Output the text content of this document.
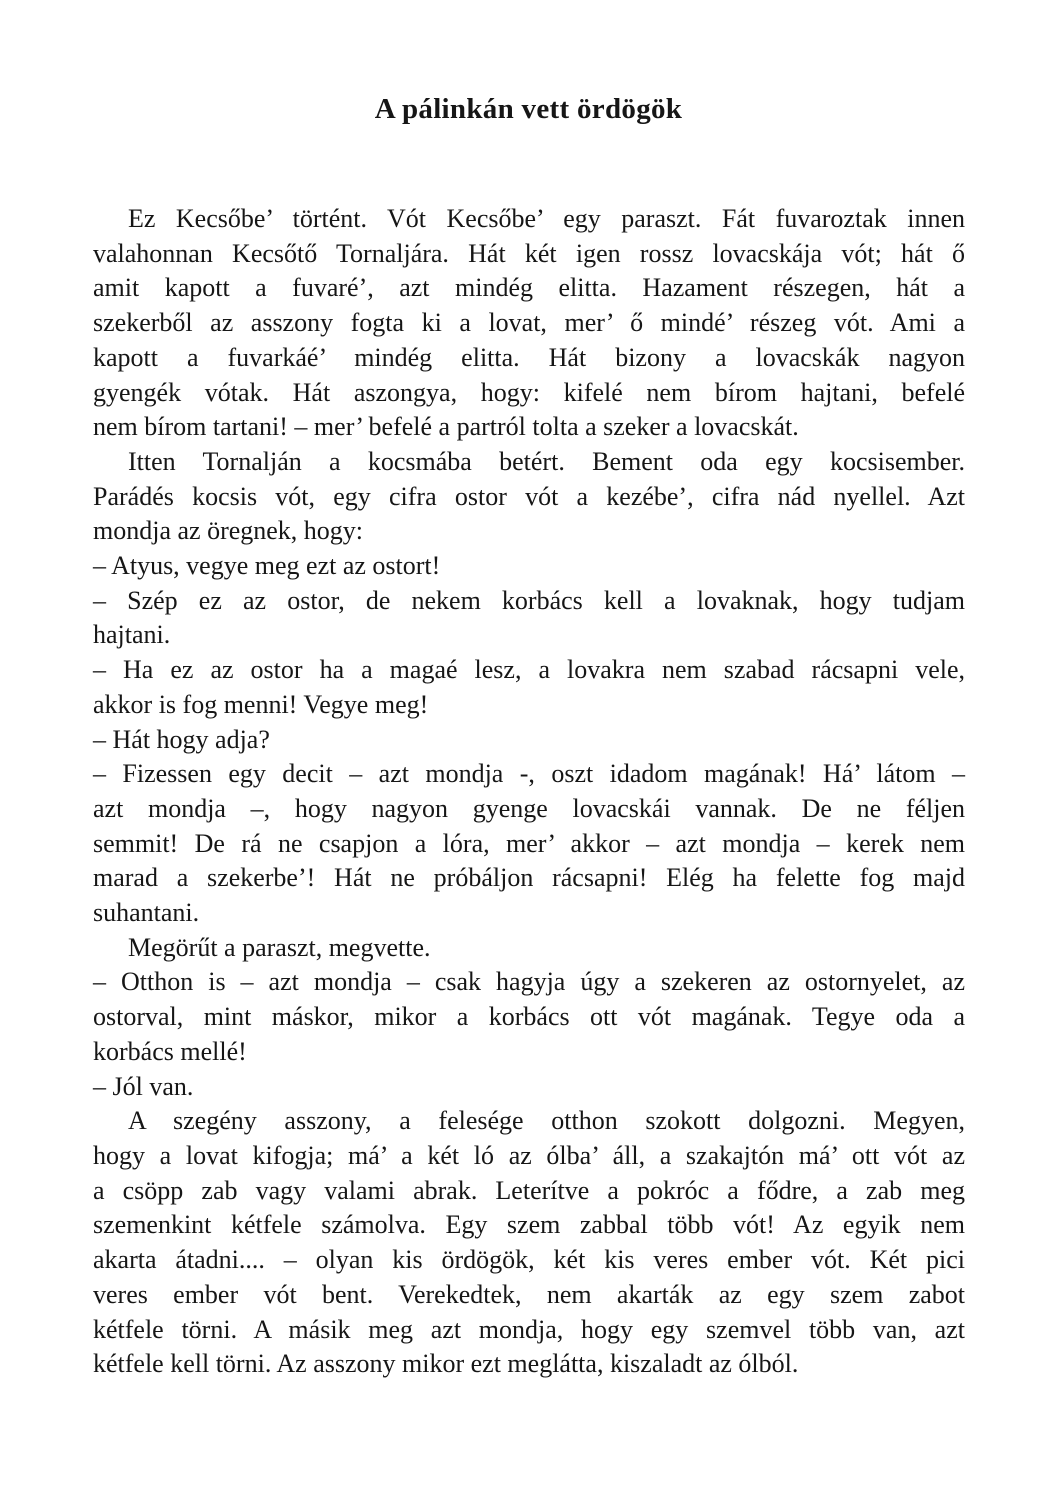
A pálinkán vett ördögök
Ez Kecsőbe’ történt. Vót Kecsőbe’ egy paraszt. Fát fuvaroztak innen
valahonnan Kecsőtő Tornaljára. Hát két igen rossz lovacskája vót; hát ő
amit kapott a fuvaré’, azt mindég elitta. Hazament részegen, hát a
szekerből az asszony fogta ki a lovat, mer’ ő mindé’ részeg vót. Ami a
kapott a fuvarkáé’ mindég elitta. Hát bizony a lovacskák nagyon
gyengék vótak. Hát aszongya, hogy: kifelé nem bírom hajtani, befelé
nem bírom tartani! – mer’ befelé a partról tolta a szeker a lovacskát.
Itten Tornalján a kocsmába betért. Bement oda egy kocsisember.
Parádés kocsis vót, egy cifra ostor vót a kezébe’, cifra nád nyellel. Azt
mondja az öregnek, hogy:
– Atyus, vegye meg ezt az ostort!
– Szép ez az ostor, de nekem korbács kell a lovaknak, hogy tudjam
hajtani.
– Ha ez az ostor ha a magaé lesz, a lovakra nem szabad rácsapni vele,
akkor is fog menni! Vegye meg!
– Hát hogy adja?
– Fizessen egy decit – azt mondja -, oszt idadom magának! Há’ látom –
azt mondja –, hogy nagyon gyenge lovacskái vannak. De ne féljen
semmit! De rá ne csapjon a lóra, mer’ akkor – azt mondja – kerek nem
marad a szekerbe’! Hát ne próbáljon rácsapni! Elég ha felette fog majd
suhantani.
Megörűt a paraszt, megvette.
– Otthon is – azt mondja – csak hagyja úgy a szekeren az ostornyelet, az
ostorval, mint máskor, mikor a korbács ott vót magának. Tegye oda a
korbács mellé!
– Jól van.
A szegény asszony, a felesége otthon szokott dolgozni. Megyen,
hogy a lovat kifogja; má’ a két ló az ólba’ áll, a szakajtón má’ ott vót az
a csöpp zab vagy valami abrak. Leterítve a pokróc a fődre, a zab meg
szemenkint kétfele számolva. Egy szem zabbal több vót! Az egyik nem
akarta átadni.... – olyan kis ördögök, két kis veres ember vót. Két pici
veres ember vót bent. Verekedtek, nem akarták az egy szem zabot
kétfele törni. A másik meg azt mondja, hogy egy szemvel több van, azt
kétfele kell törni. Az asszony mikor ezt meglátta, kiszaladt az ólból.
